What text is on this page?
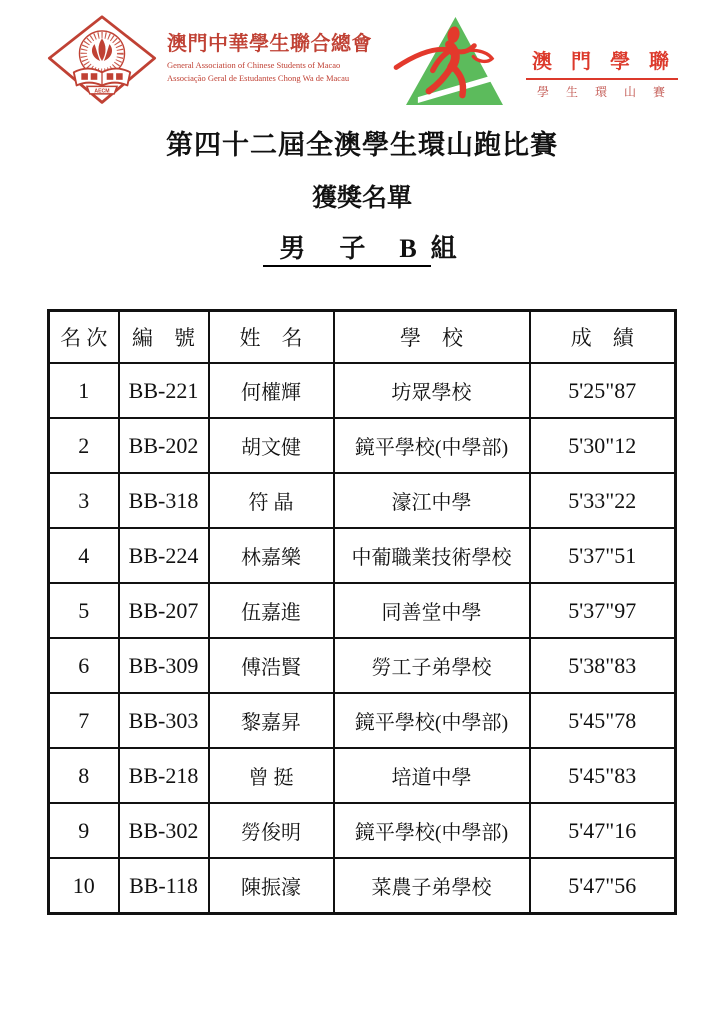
AECM
澳門中華學生聯合總會
General Association of Chinese Students of Macao
Associação Geral de Estudantes Chong Wa de Macau
澳 門 學 聯
學 生 環 山 賽
第四十二屆全澳學生環山跑比賽
獲獎名單
男　子　B 組
名 次	編　號	姓　名	學　校	成　績
1	BB-221	何權輝	坊眾學校	5'25"87
2	BB-202	胡文健	鏡平學校(中學部)	5'30"12
3	BB-318	符 晶	濠江中學	5'33"22
4	BB-224	林嘉樂	中葡職業技術學校	5'37"51
5	BB-207	伍嘉進	同善堂中學	5'37"97
6	BB-309	傅浩賢	勞工子弟學校	5'38"83
7	BB-303	黎嘉昇	鏡平學校(中學部)	5'45"78
8	BB-218	曾 挺	培道中學	5'45"83
9	BB-302	勞俊明	鏡平學校(中學部)	5'47"16
10	BB-118	陳振濠	菜農子弟學校	5'47"56
